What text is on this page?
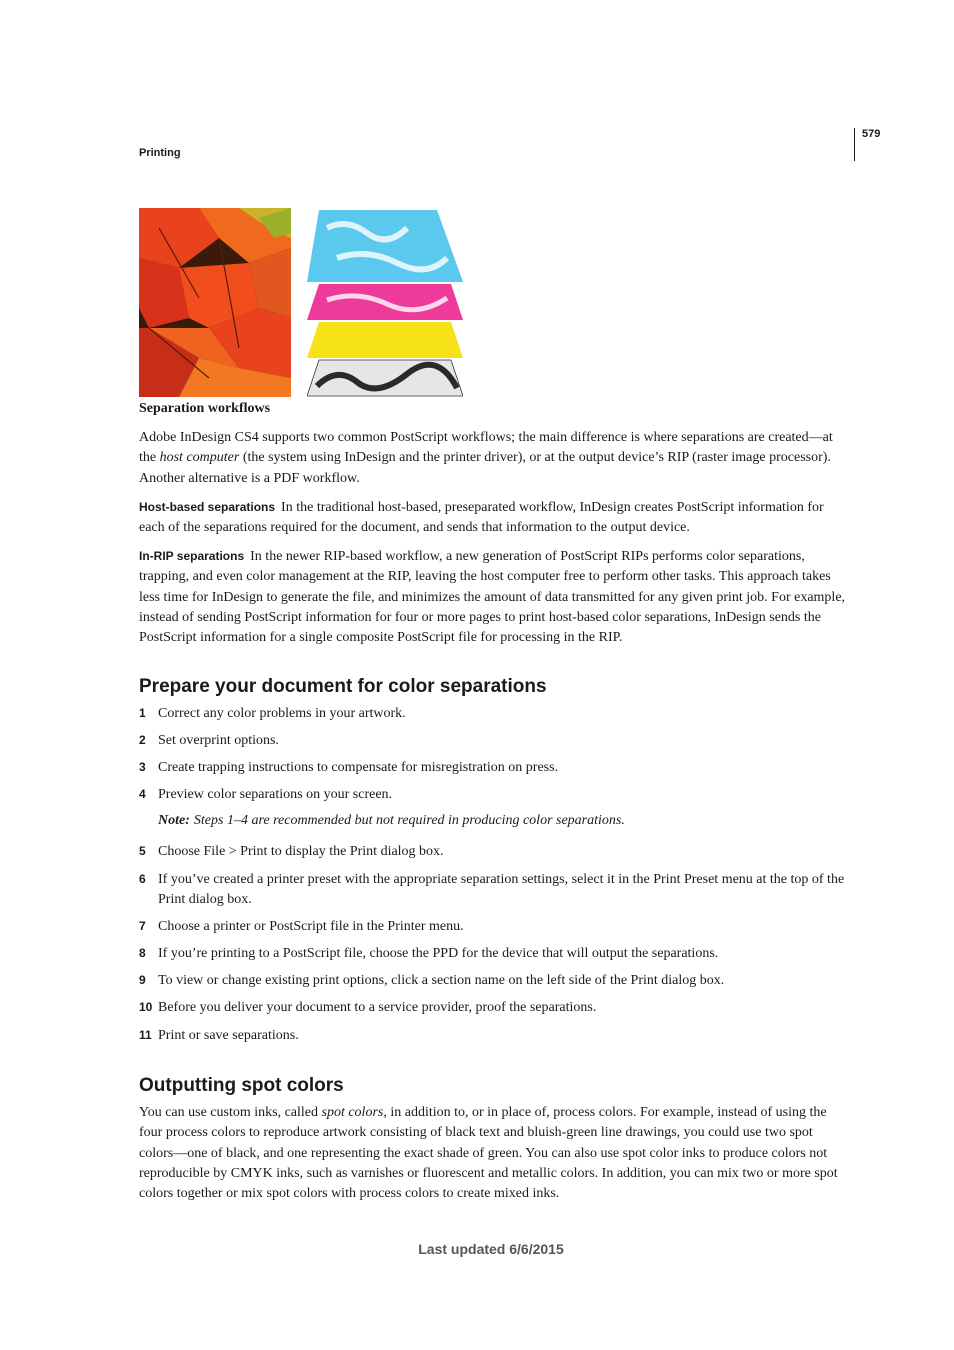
579
Printing
Separation workflows

Adobe InDesign CS4 supports two common PostScript workflows; the main difference is where separations are created—at the host computer (the system using InDesign and the printer driver), or at the output device’s RIP (raster image processor). Another alternative is a PDF workflow.

Host-based separations In the traditional host-based, preseparated workflow, InDesign creates PostScript information for each of the separations required for the document, and sends that information to the output device.

In-RIP separations In the newer RIP-based workflow, a new generation of PostScript RIPs performs color separations, trapping, and even color management at the RIP, leaving the host computer free to perform other tasks. This approach takes less time for InDesign to generate the file, and minimizes the amount of data transmitted for any given print job. For example, instead of sending PostScript information for four or more pages to print host-based color separations, InDesign sends the PostScript information for a single composite PostScript file for processing in the RIP.

Prepare your document for color separations
1 Correct any color problems in your artwork.
2 Set overprint options.
3 Create trapping instructions to compensate for misregistration on press.
4 Preview color separations on your screen.
Note: Steps 1–4 are recommended but not required in producing color separations.
5 Choose File > Print to display the Print dialog box.
6 If you’ve created a printer preset with the appropriate separation settings, select it in the Print Preset menu at the top of the Print dialog box.
7 Choose a printer or PostScript file in the Printer menu.
8 If you’re printing to a PostScript file, choose the PPD for the device that will output the separations.
9 To view or change existing print options, click a section name on the left side of the Print dialog box.
10 Before you deliver your document to a service provider, proof the separations.
11 Print or save separations.
Outputting spot colors

You can use custom inks, called spot colors, in addition to, or in place of, process colors. For example, instead of using the four process colors to reproduce artwork consisting of black text and bluish-green line drawings, you could use two spot colors—one of black, and one representing the exact shade of green. You can also use spot color inks to produce colors not reproducible by CMYK inks, such as varnishes or fluorescent and metallic colors. In addition, you can mix two or more spot colors together or mix spot colors with process colors to create mixed inks.

Last updated 6/6/2015
